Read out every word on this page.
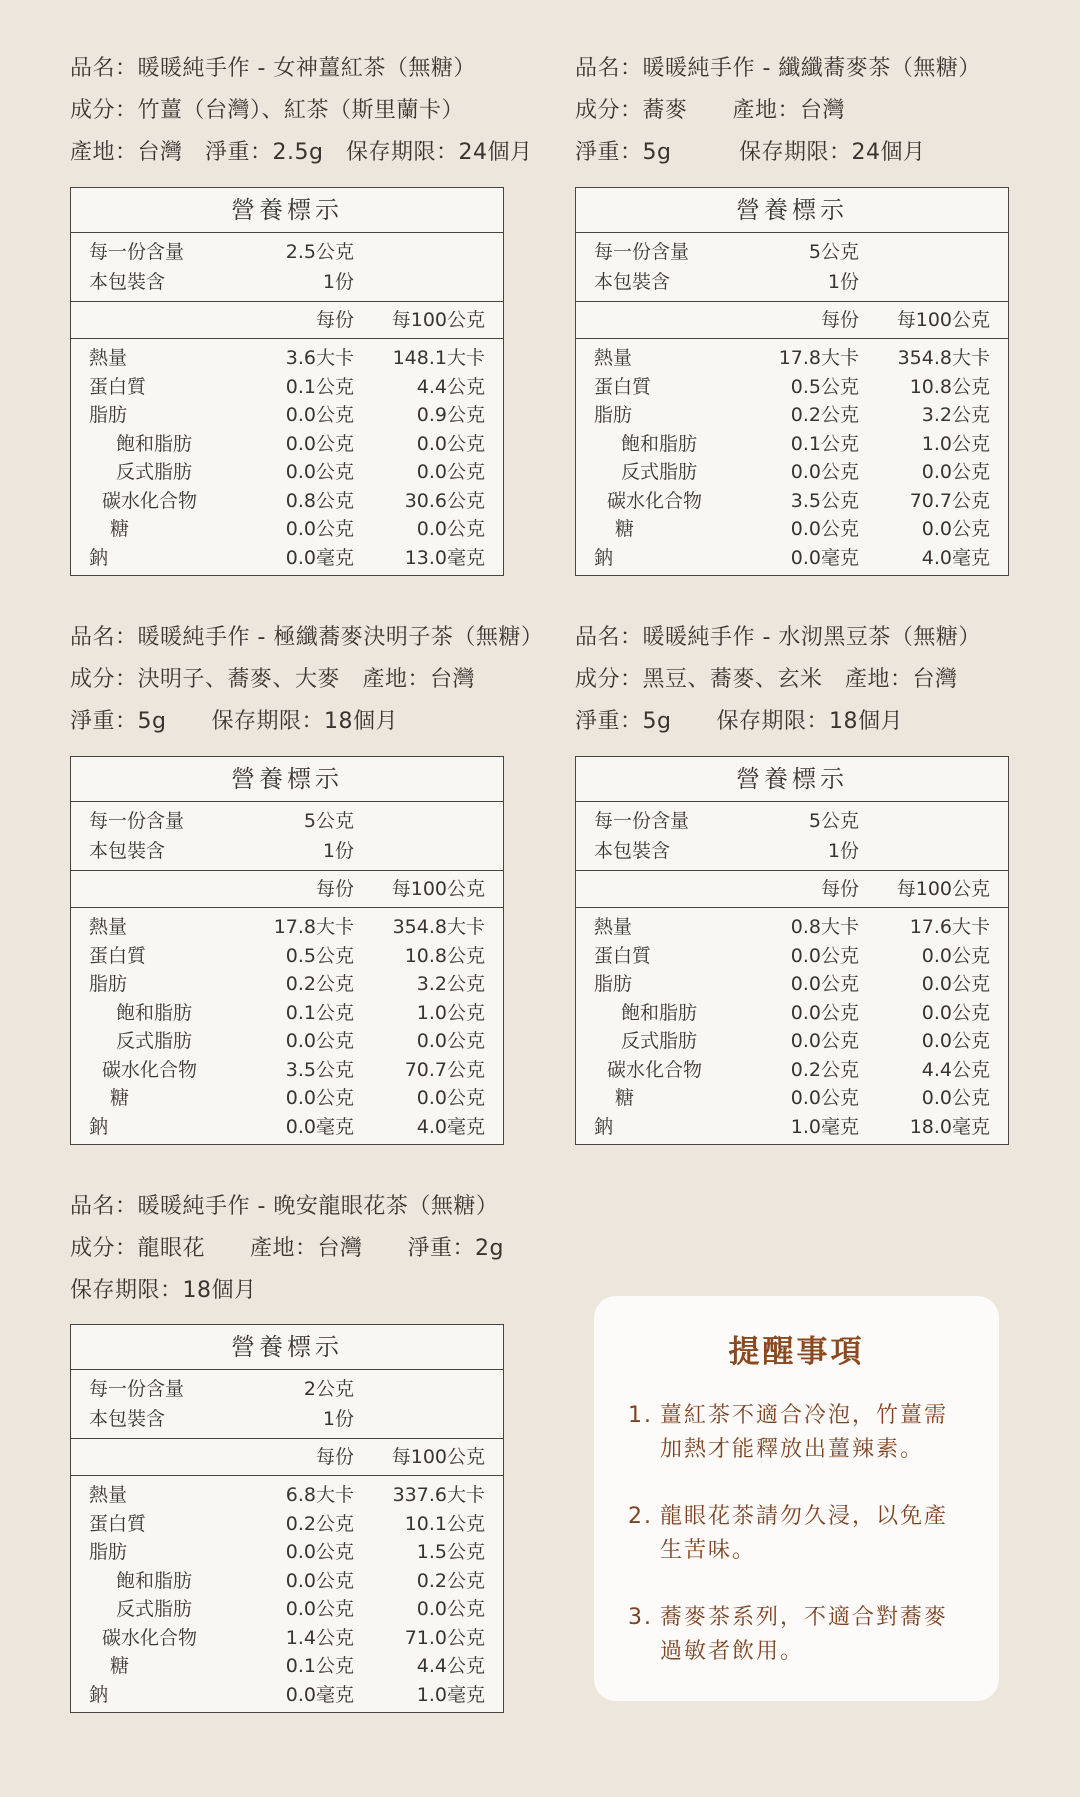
品名：暖暖純手作 - 女神薑紅茶（無糖）
成分：竹薑（台灣）、紅茶（斯里蘭卡）
產地：台灣　淨重：2.5g　保存期限：24個月
營養標示
每一份含量	2.5公克
本包裝含	1份
每份	每100公克
熱量	3.6大卡	148.1大卡
蛋白質	0.1公克	4.4公克
脂肪	0.0公克	0.9公克
飽和脂肪	0.0公克	0.0公克
反式脂肪	0.0公克	0.0公克
碳水化合物	0.8公克	30.6公克
糖	0.0公克	0.0公克
鈉	0.0毫克	13.0毫克
品名：暖暖純手作 - 纖纖蕎麥茶（無糖）
成分：蕎麥　　產地：台灣
淨重：5g　　　保存期限：24個月
營養標示
每一份含量	5公克
本包裝含	1份
每份	每100公克
熱量	17.8大卡	354.8大卡
蛋白質	0.5公克	10.8公克
脂肪	0.2公克	3.2公克
飽和脂肪	0.1公克	1.0公克
反式脂肪	0.0公克	0.0公克
碳水化合物	3.5公克	70.7公克
糖	0.0公克	0.0公克
鈉	0.0毫克	4.0毫克
品名：暖暖純手作 - 極纖蕎麥決明子茶（無糖）
成分：決明子、蕎麥、大麥　產地：台灣
淨重：5g　　保存期限：18個月
營養標示
每一份含量	5公克
本包裝含	1份
每份	每100公克
熱量	17.8大卡	354.8大卡
蛋白質	0.5公克	10.8公克
脂肪	0.2公克	3.2公克
飽和脂肪	0.1公克	1.0公克
反式脂肪	0.0公克	0.0公克
碳水化合物	3.5公克	70.7公克
糖	0.0公克	0.0公克
鈉	0.0毫克	4.0毫克
品名：暖暖純手作 - 水沏黑豆茶（無糖）
成分：黑豆、蕎麥、玄米　產地：台灣
淨重：5g　　保存期限：18個月
營養標示
每一份含量	5公克
本包裝含	1份
每份	每100公克
熱量	0.8大卡	17.6大卡
蛋白質	0.0公克	0.0公克
脂肪	0.0公克	0.0公克
飽和脂肪	0.0公克	0.0公克
反式脂肪	0.0公克	0.0公克
碳水化合物	0.2公克	4.4公克
糖	0.0公克	0.0公克
鈉	1.0毫克	18.0毫克
品名：暖暖純手作 - 晚安龍眼花茶（無糖）
成分：龍眼花　　產地：台灣　　淨重：2g
保存期限：18個月
營養標示
每一份含量	2公克
本包裝含	1份
每份	每100公克
熱量	6.8大卡	337.6大卡
蛋白質	0.2公克	10.1公克
脂肪	0.0公克	1.5公克
飽和脂肪	0.0公克	0.2公克
反式脂肪	0.0公克	0.0公克
碳水化合物	1.4公克	71.0公克
糖	0.1公克	4.4公克
鈉	0.0毫克	1.0毫克
提醒事項
1. 薑紅茶不適合冷泡，竹薑需加熱才能釋放出薑辣素。
2. 龍眼花茶請勿久浸，以免產生苦味。
3. 蕎麥茶系列，不適合對蕎麥過敏者飲用。
